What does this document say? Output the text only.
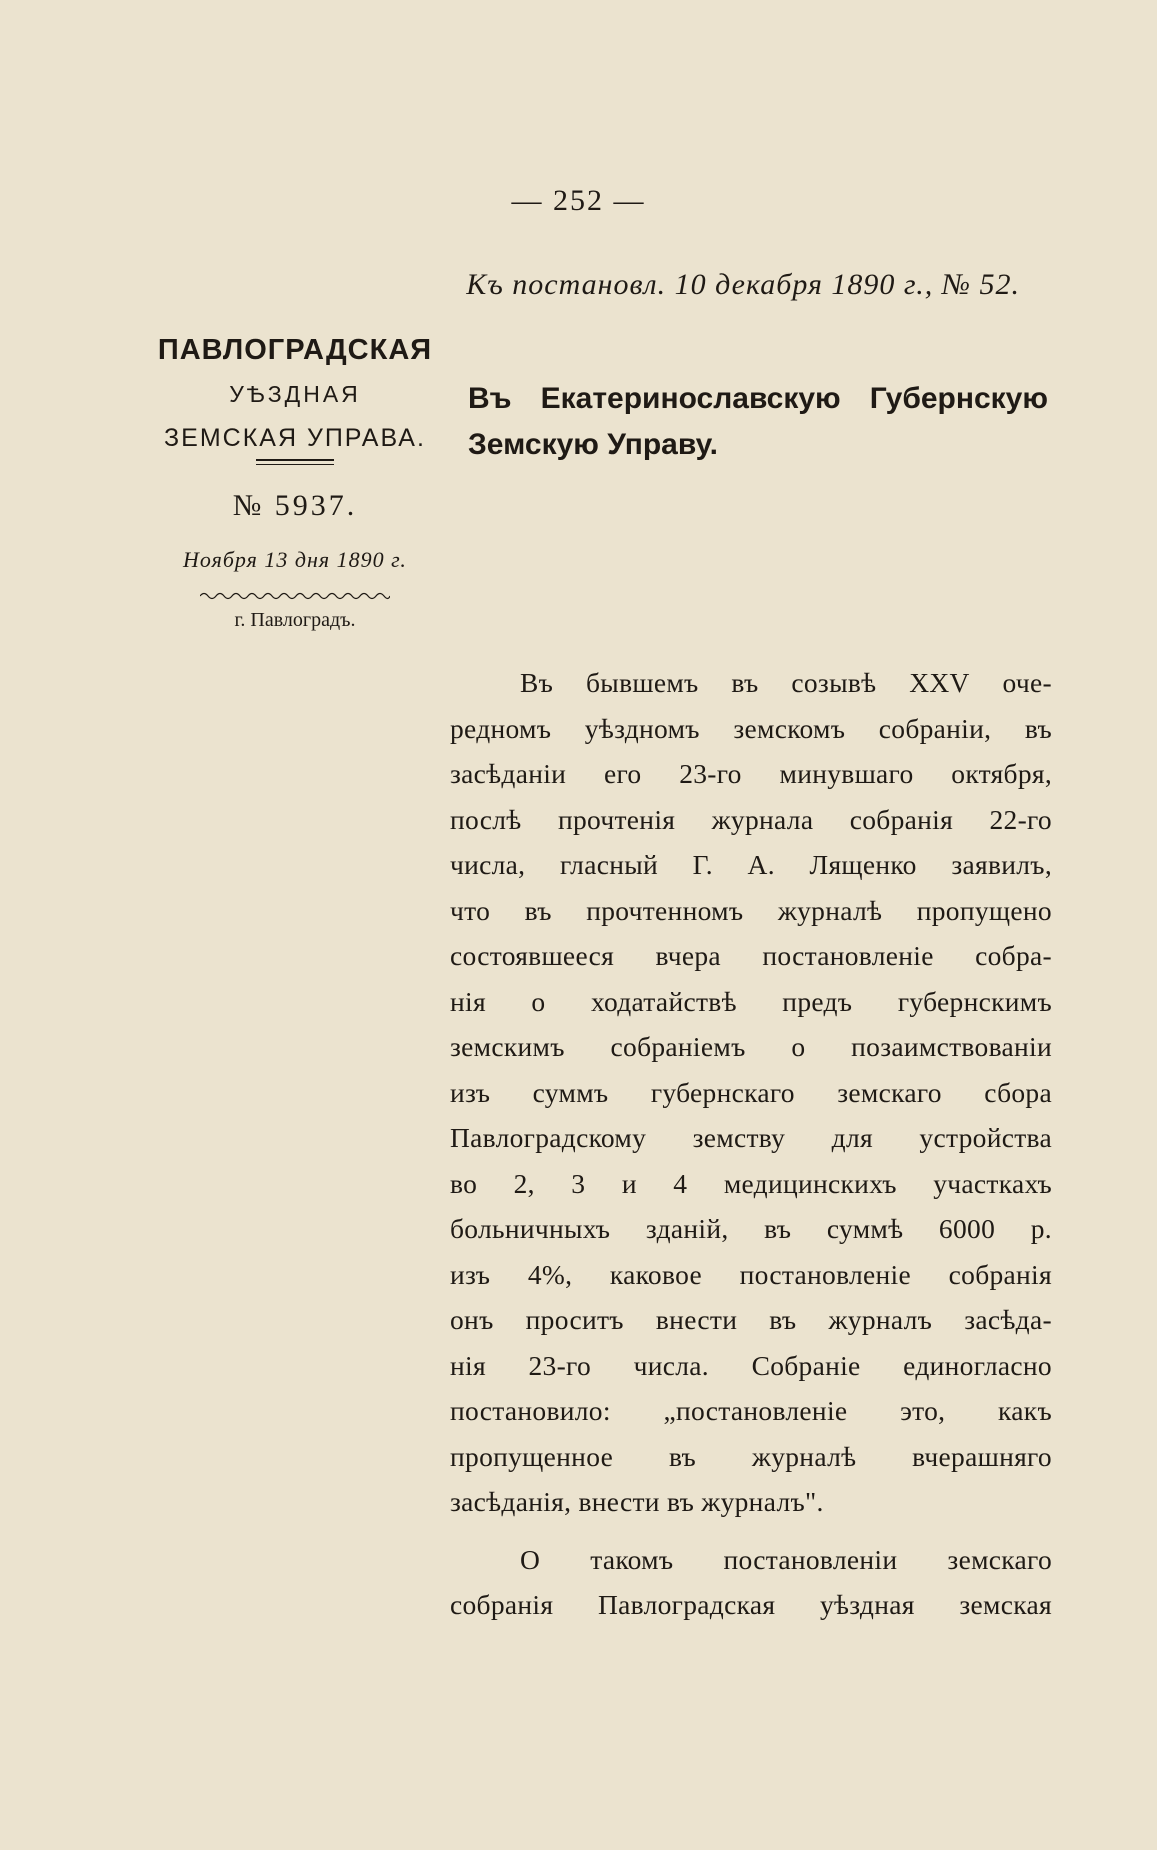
— 252 —
Къ постановл. 10 декабря 1890 г., № 52.
ПАВЛОГРАДСКАЯ
УѢЗДНАЯ
ЗЕМСКАЯ УПРАВА.
№ 5937.
Ноября 13 дня 1890 г.
г. Павлоградъ.
Въ Екатеринославскую Губернскую
Земскую Управу.
Въ бывшемъ въ созывѣ XXV оче-
редномъ уѣздномъ земскомъ собраніи, въ
засѣданіи его 23-го минувшаго октября,
послѣ прочтенія журнала собранія 22-го
числа, гласный Г. А. Лященко заявилъ,
что въ прочтенномъ журналѣ пропущено
состоявшееся вчера постановленіе собра-
нія о ходатайствѣ предъ губернскимъ
земскимъ собраніемъ о позаимствованіи
изъ суммъ губернскаго земскаго сбора
Павлоградскому земству для устройства
во 2, 3 и 4 медицинскихъ участкахъ
больничныхъ зданій, въ суммѣ 6000 р.
изъ 4%, каковое постановленіе собранія
онъ проситъ внести въ журналъ засѣда-
нія 23-го числа. Собраніе единогласно
постановило: „постановленіе это, какъ
пропущенное въ журналѣ вчерашняго
засѣданія, внести въ журналъ".
О такомъ постановленіи земскаго
собранія Павлоградская уѣздная земская
